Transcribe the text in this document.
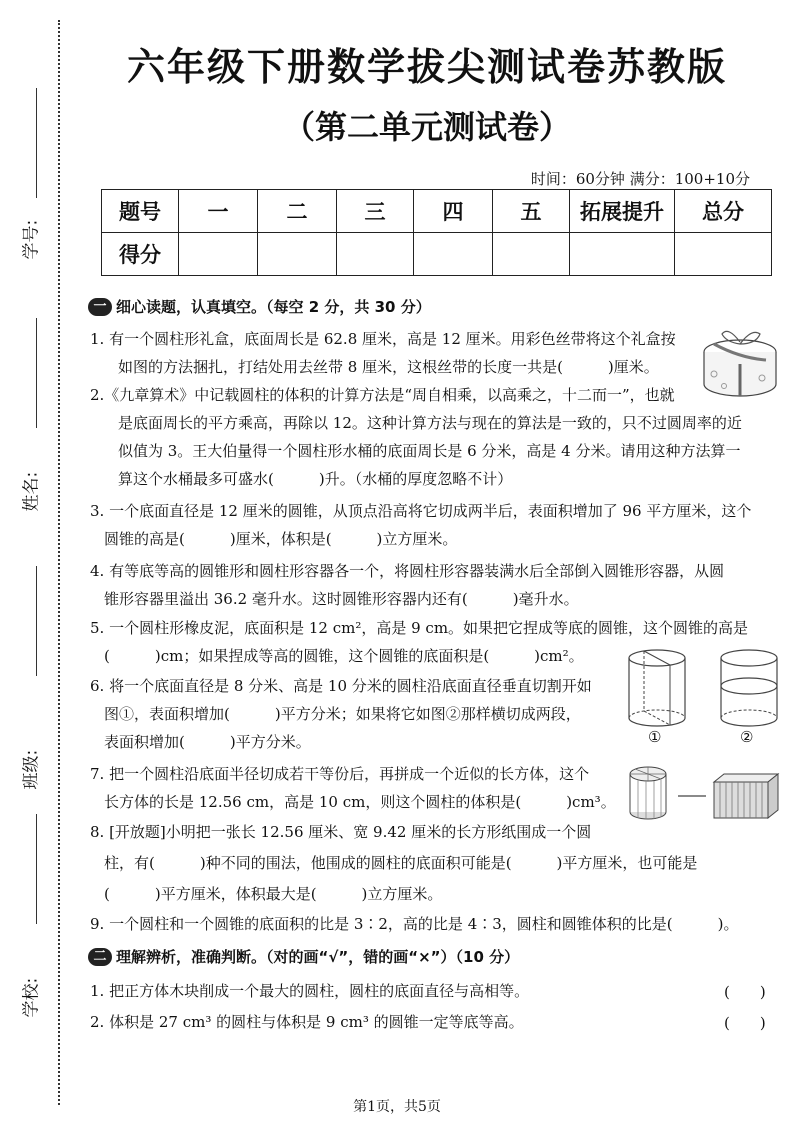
学号:
姓名:
班级:
学校:
六年级下册数学拔尖测试卷苏教版
（第二单元测试卷）
时间：60分钟 满分：100+10分
题号	一	二	三	四	五	拓展提升	总分
得分							
一 细心读题，认真填空。（每空 2 分，共 30 分）
1. 有一个圆柱形礼盒，底面周长是 62.8 厘米，高是 12 厘米。用彩色丝带将这个礼盒按
如图的方法捆扎，打结处用去丝带 8 厘米，这根丝带的长度一共是(　　　)厘米。
2.《九章算术》中记载圆柱的体积的计算方法是“周自相乘，以高乘之，十二而一”，也就
是底面周长的平方乘高，再除以 12。这种计算方法与现在的算法是一致的，只不过圆周率的近
似值为 3。王大伯量得一个圆柱形水桶的底面周长是 6 分米，高是 4 分米。请用这种方法算一
算这个水桶最多可盛水(　　　)升。（水桶的厚度忽略不计）
3. 一个底面直径是 12 厘米的圆锥，从顶点沿高将它切成两半后，表面积增加了 96 平方厘米，这个
圆锥的高是(　　　)厘米，体积是(　　　)立方厘米。
4. 有等底等高的圆锥形和圆柱形容器各一个，将圆柱形容器装满水后全部倒入圆锥形容器，从圆
锥形容器里溢出 36.2 毫升水。这时圆锥形容器内还有(　　　)毫升水。
5. 一个圆柱形橡皮泥，底面积是 12 cm²，高是 9 cm。如果把它捏成等底的圆锥，这个圆锥的高是
(　　　)cm；如果捏成等高的圆锥，这个圆锥的底面积是(　　　)cm²。
6. 将一个底面直径是 8 分米、高是 10 分米的圆柱沿底面直径垂直切割开如
图①，表面积增加(　　　)平方分米；如果将它如图②那样横切成两段，
表面积增加(　　　)平方分米。	①	②
7. 把一个圆柱沿底面半径切成若干等份后，再拼成一个近似的长方体，这个
长方体的长是 12.56 cm，高是 10 cm，则这个圆柱的体积是(　　　)cm³。
8. [开放题]小明把一张长 12.56 厘米、宽 9.42 厘米的长方形纸围成一个圆
柱，有(　　　)种不同的围法，他围成的圆柱的底面积可能是(　　　)平方厘米，也可能是
(　　　)平方厘米，体积最大是(　　　)立方厘米。
9. 一个圆柱和一个圆锥的底面积的比是 3∶2，高的比是 4∶3，圆柱和圆锥体积的比是(　　　)。
二 理解辨析，准确判断。（对的画“√”，错的画“×”）（10 分）
1. 把正方体木块削成一个最大的圆柱，圆柱的底面直径与高相等。	(　　)
2. 体积是 27 cm³ 的圆柱与体积是 9 cm³ 的圆锥一定等底等高。	(　　)
第1页，共5页
